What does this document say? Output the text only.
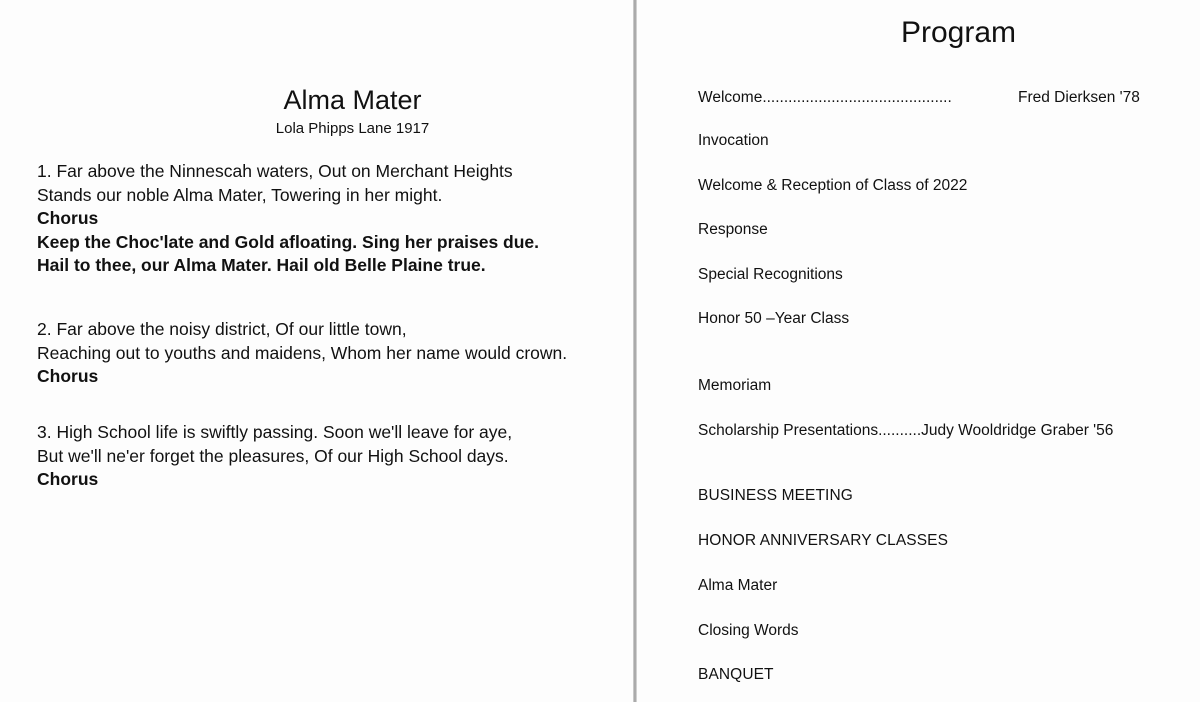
Alma Mater
Lola Phipps Lane 1917
1. Far above the Ninnescah waters, Out on Merchant Heights
Stands our noble Alma Mater, Towering in her might.
Chorus
Keep the Choc'late and Gold afloating. Sing her praises due.
Hail to thee, our Alma Mater. Hail old Belle Plaine true.
2. Far above the noisy district, Of our little town,
Reaching out to youths and maidens, Whom her name would crown.
Chorus
3. High School life is swiftly passing. Soon we'll leave for aye,
But we'll ne'er forget the pleasures, Of our High School days.
Chorus
Program
Welcome............................................	Fred Dierksen '78
Invocation
Welcome & Reception of Class of 2022
Response
Special Recognitions
Honor 50 –Year Class
Memoriam
Scholarship Presentations..........Judy Wooldridge Graber '56
BUSINESS MEETING
HONOR ANNIVERSARY CLASSES
Alma Mater
Closing Words
BANQUET
